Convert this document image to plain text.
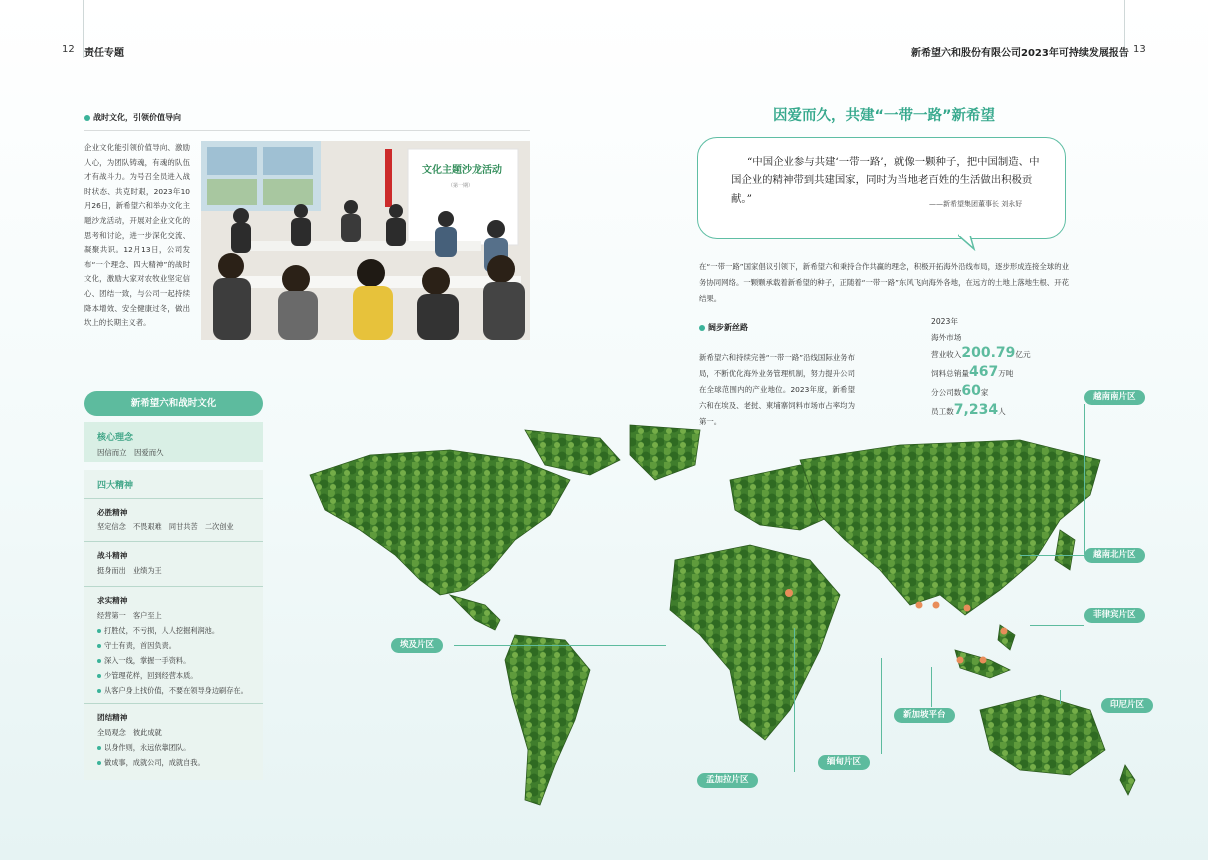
12 责任专题	新希望六和股份有限公司2023年可持续发展报告 13
战时文化，引领价值导向
企业文化能引领价值导向、激励人心，为团队铸魂，有魂的队伍才有战斗力。为号召全员进入战时状态、共克时艰，2023年10月26日，新希望六和举办文化主题沙龙活动，开展对企业文化的思考和讨论，进一步深化交流、凝聚共识。12月13日，公司发布“一个理念、四大精神”的战时文化，激励大家对农牧业坚定信心、团结一致，与公司一起持续降本增效、安全健康过冬，做出坎上的长期主义者。
文化主题沙龙活动
（第一期）
新希望六和战时文化
核心理念
因信而立　因爱而久
四大精神
必胜精神
坚定信念　不畏艰难　同甘共苦　二次创业
战斗精神
挺身而出　业绩为王
求实精神
经营第一　客户至上
打胜仗，不亏损，人人挖掘利润池。
守士有责，首因负责。
深入一线，掌握一手资料。
少管理花样，回到经营本质。
从客户身上找价值，不要在领导身边刷存在。
团结精神
全局观念　彼此成就
以身作则，永远依靠团队。
做成事，成就公司，成就自我。
因爱而久，共建“一带一路”新希望
“中国企业参与共建‘一带一路’，就像一颗种子，把中国制造、中国企业的精神带到共建国家，同时为当地老百姓的生活做出积极贡献。”	——新希望集团董事长 刘永好
在“一带一路”国家倡议引领下，新希望六和秉持合作共赢的理念，积极开拓海外沿线布局，逐步形成连接全球的业务协同网络。一颗颗承载着新希望的种子，正随着“一带一路”东风飞向海外各地，在远方的土地上落地生根、开花结果。
阔步新丝路
新希望六和持续完善“一带一路”沿线国际业务布局，不断优化海外业务管理机制，努力提升公司在全球范围内的产业地位。2023年度，新希望六和在埃及、老挝、柬埔寨饲料市场市占率均为第一。
2023年
海外市场
营业收入200.79亿元
饲料总销量467万吨
分公司数60家
员工数7,234人
越南南片区
越南北片区
菲律宾片区
印尼片区
新加坡平台
缅甸片区
孟加拉片区
埃及片区
